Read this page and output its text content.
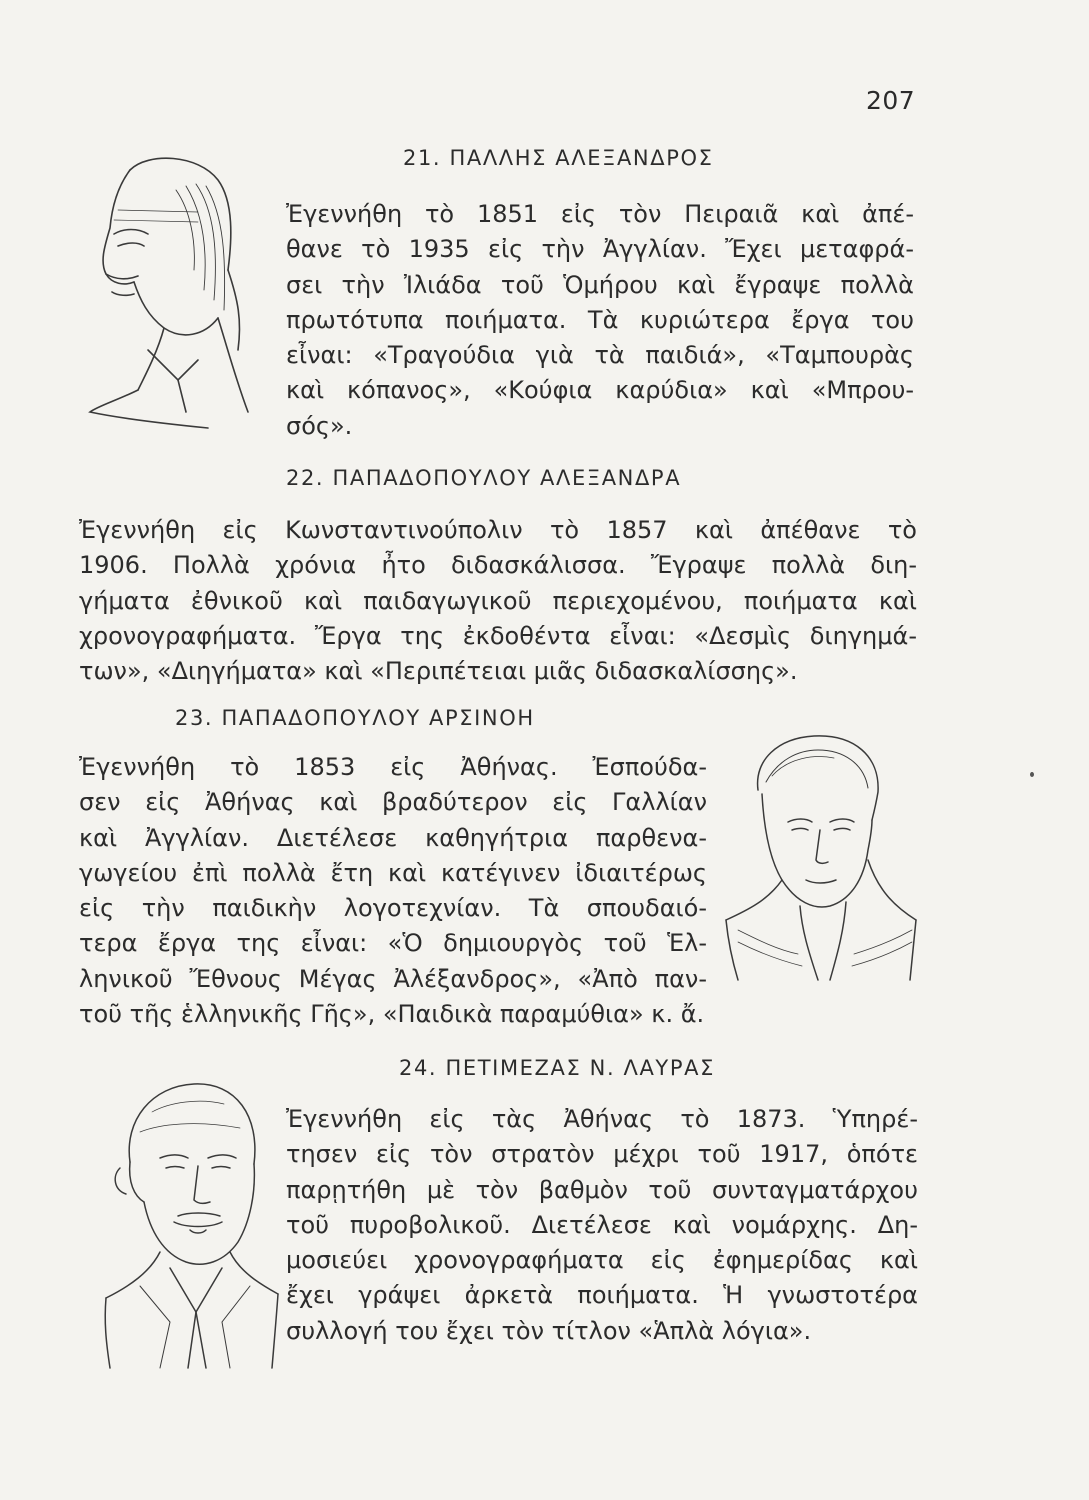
207
21. ΠΑΛΛΗΣ ΑΛΕΞΑΝΔΡΟΣ
Ἐγεννήθη τὸ 1851 εἰς τὸν Πειραιᾶ καὶ ἀπέ-
θανε τὸ 1935 εἰς τὴν Ἀγγλίαν. Ἔχει μεταφρά-
σει τὴν Ἰλιάδα τοῦ Ὁμήρου καὶ ἔγραψε πολλὰ
πρωτότυπα ποιήματα. Τὰ κυριώτερα ἔργα του
εἶναι: «Τραγούδια γιὰ τὰ παιδιά», «Ταμπουρὰς
καὶ κόπανος», «Κούφια καρύδια» καὶ «Μπρου-
σός».
22. ΠΑΠΑΔΟΠΟΥΛΟΥ ΑΛΕΞΑΝΔΡΑ
Ἐγεννήθη εἰς Κωνσταντινούπολιν τὸ 1857 καὶ ἀπέθανε τὸ
1906. Πολλὰ χρόνια ἦτο διδασκάλισσα. Ἔγραψε πολλὰ διη-
γήματα ἐθνικοῦ καὶ παιδαγωγικοῦ περιεχομένου, ποιήματα καὶ
χρονογραφήματα. Ἔργα της ἐκδοθέντα εἶναι: «Δεσμὶς διηγημά-
των», «Διηγήματα» καὶ «Περιπέτειαι μιᾶς διδασκαλίσσης».
23. ΠΑΠΑΔΟΠΟΥΛΟΥ ΑΡΣΙΝΟΗ
Ἐγεννήθη τὸ 1853 εἰς Ἀθήνας. Ἐσπούδα-
σεν εἰς Ἀθήνας καὶ βραδύτερον εἰς Γαλλίαν
καὶ Ἀγγλίαν. Διετέλεσε καθηγήτρια παρθενα-
γωγείου ἐπὶ πολλὰ ἔτη καὶ κατέγινεν ἰδιαιτέρως
εἰς τὴν παιδικὴν λογοτεχνίαν. Τὰ σπουδαιό-
τερα ἔργα της εἶναι: «Ὁ δημιουργὸς τοῦ Ἑλ-
ληνικοῦ Ἔθνους Μέγας Ἀλέξανδρος», «Ἀπὸ παν-
τοῦ τῆς ἑλληνικῆς Γῆς», «Παιδικὰ παραμύθια» κ. ἄ.
24. ΠΕΤΙΜΕΖΑΣ Ν. ΛΑΥΡΑΣ
Ἐγεννήθη εἰς τὰς Ἀθήνας τὸ 1873. Ὑπηρέ-
τησεν εἰς τὸν στρατὸν μέχρι τοῦ 1917, ὁπότε
παρῃτήθη μὲ τὸν βαθμὸν τοῦ συνταγματάρχου
τοῦ πυροβολικοῦ. Διετέλεσε καὶ νομάρχης. Δη-
μοσιεύει χρονογραφήματα εἰς ἐφημερίδας καὶ
ἔχει γράψει ἀρκετὰ ποιήματα. Ἡ γνωστοτέρα
συλλογή του ἔχει τὸν τίτλον «Ἁπλὰ λόγια».
